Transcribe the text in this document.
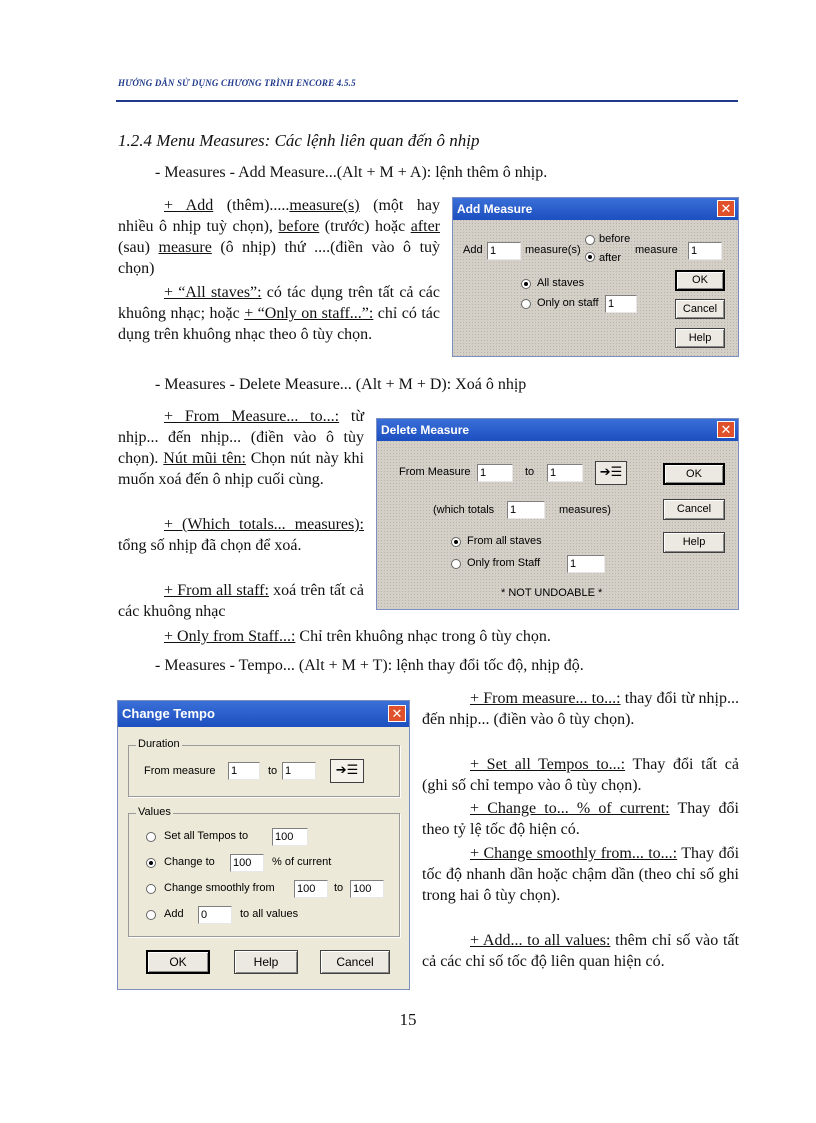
HƯỚNG DẪN SỬ DỤNG CHƯƠNG TRÌNH ENCORE 4.5.5
1.2.4 Menu Measures: Các lệnh liên quan đến ô nhịp
- Measures - Add Measure...(Alt + M + A): lệnh thêm ô nhịp.
+ Add (thêm).....measure(s) (một hay nhiều ô nhịp tuỳ chọn), before (trước) hoặc after (sau) measure (ô nhịp) thứ ....(điền vào ô tuỳ chọn)
+ “All staves”: có tác dụng trên tất cả các khuông nhạc; hoặc + “Only on staff...”: chỉ có tác dụng trên khuông nhạc theo ô tùy chọn.
Add Measure	✕
Add 1	measure(s)
before
after
measure 1
All staves
Only on staff 1
OK
Cancel
Help
- Measures - Delete Measure... (Alt + M + D): Xoá ô nhịp
+ From Measure... to...: từ nhịp... đến nhịp... (điền vào ô tùy chọn). Nút mũi tên: Chọn nút này khi muốn xoá đến ô nhịp cuối cùng.
+ (Which totals... measures): tổng số nhịp đã chọn để xoá.
+ From all staff: xoá trên tất cả các khuông nhạc
+ Only from Staff...: Chỉ trên khuông nhạc trong ô tùy chọn.
Delete Measure	✕
From Measure 1	to 1	➔☰	OK
(which totals 1	measures)	Cancel
From all staves	Help
Only from Staff	1
* NOT UNDOABLE *
- Measures - Tempo... (Alt + M + T): lệnh thay đổi tốc độ, nhịp độ.
+ From measure... to...: thay đổi từ nhịp... đến nhịp... (điền vào ô tùy chọn).
+ Set all Tempos to...: Thay đổi tất cả (ghi số chỉ tempo vào ô tùy chọn).
+ Change to... % of current: Thay đổi theo tỷ lệ tốc độ hiện có.
+ Change smoothly from... to...: Thay đổi tốc độ nhanh dần hoặc chậm dần (theo chỉ số ghi trong hai ô tùy chọn).
+ Add... to all values: thêm chỉ số vào tất cả các chỉ số tốc độ liên quan hiện có.
Change Tempo	✕
Duration
From measure 1	to 1	➔☰
Values
Set all Tempos to 100
Change to 100	% of current
Change smoothly from 100	to 100
Add 0	to all values
OK	Help	Cancel
15
